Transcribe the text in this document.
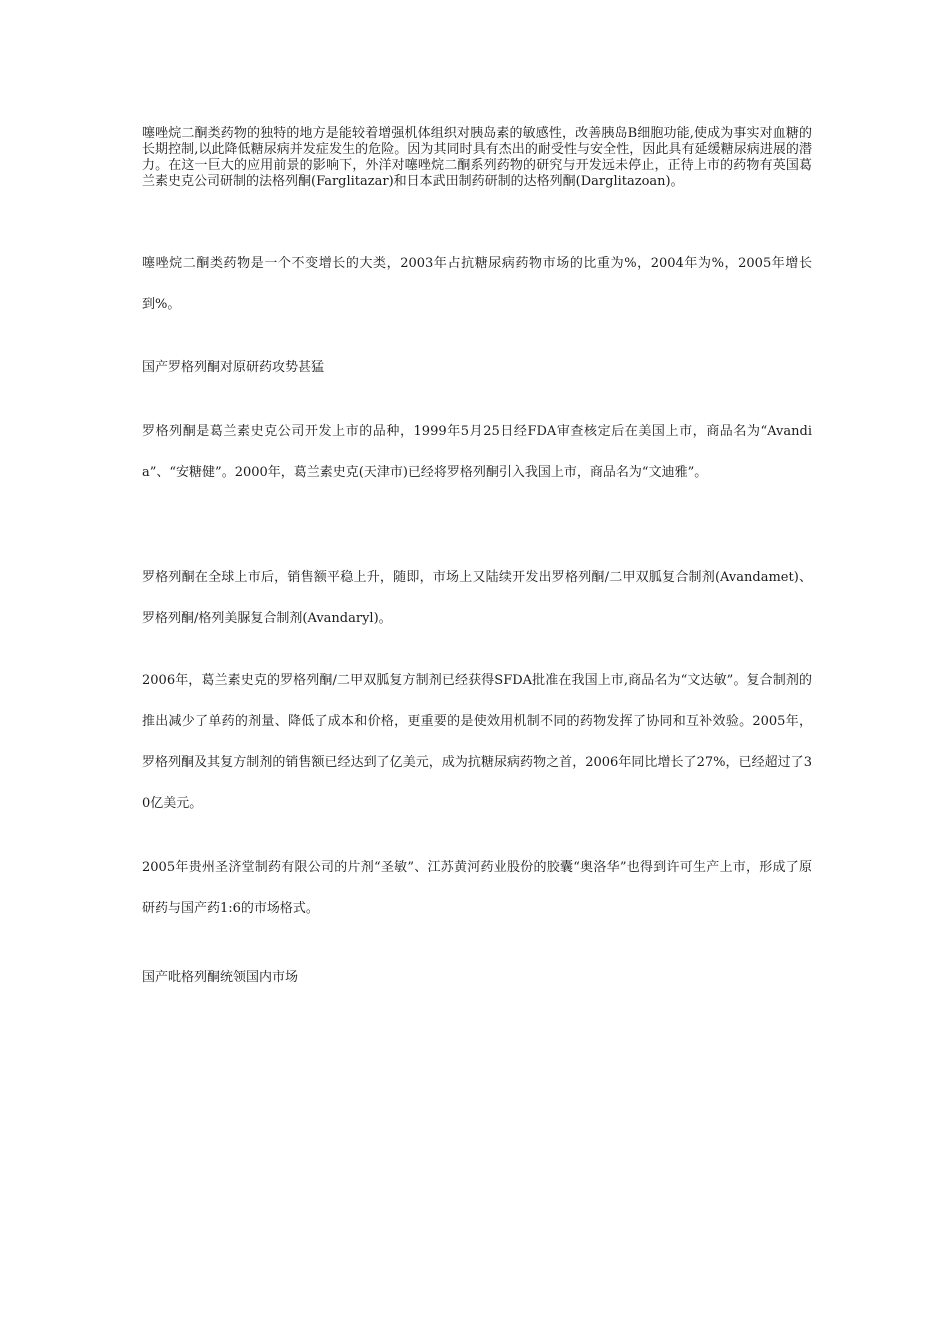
噻唑烷二酮类药物的独特的地方是能较着增强机体组织对胰岛素的敏感性，改善胰岛B细胞功能,使成为事实对血糖的长期控制,以此降低糖尿病并发症发生的危险。因为其同时具有杰出的耐受性与安全性，因此具有延缓糖尿病进展的潜力。在这一巨大的应用前景的影响下，外洋对噻唑烷二酮系列药物的研究与开发远未停止，正待上市的药物有英国葛兰素史克公司研制的法格列酮(Farglitazar)和日本武田制药研制的达格列酮(Darglitazoan)。

噻唑烷二酮类药物是一个不变增长的大类，2003年占抗糖尿病药物市场的比重为%，2004年为%，2005年增长到%。

国产罗格列酮对原研药攻势甚猛

罗格列酮是葛兰素史克公司开发上市的品种，1999年5月25日经FDA审查核定后在美国上市，商品名为“Avandia”、“安糖健”。2000年，葛兰素史克(天津市)已经将罗格列酮引入我国上市，商品名为“文迪雅”。

罗格列酮在全球上市后，销售额平稳上升，随即，市场上又陆续开发出罗格列酮/二甲双胍复合制剂(Avandamet)、罗格列酮/格列美脲复合制剂(Avandaryl)。

2006年，葛兰素史克的罗格列酮/二甲双胍复方制剂已经获得SFDA批准在我国上市,商品名为“文达敏”。复合制剂的推出减少了单药的剂量、降低了成本和价格，更重要的是使效用机制不同的药物发挥了协同和互补效验。2005年，罗格列酮及其复方制剂的销售额已经达到了亿美元，成为抗糖尿病药物之首，2006年同比增长了27%，已经超过了30亿美元。

2005年贵州圣济堂制药有限公司的片剂“圣敏”、江苏黄河药业股份的胶囊“奥洛华”也得到许可生产上市，形成了原研药与国产药1:6的市场格式。

国产吡格列酮统领国内市场
